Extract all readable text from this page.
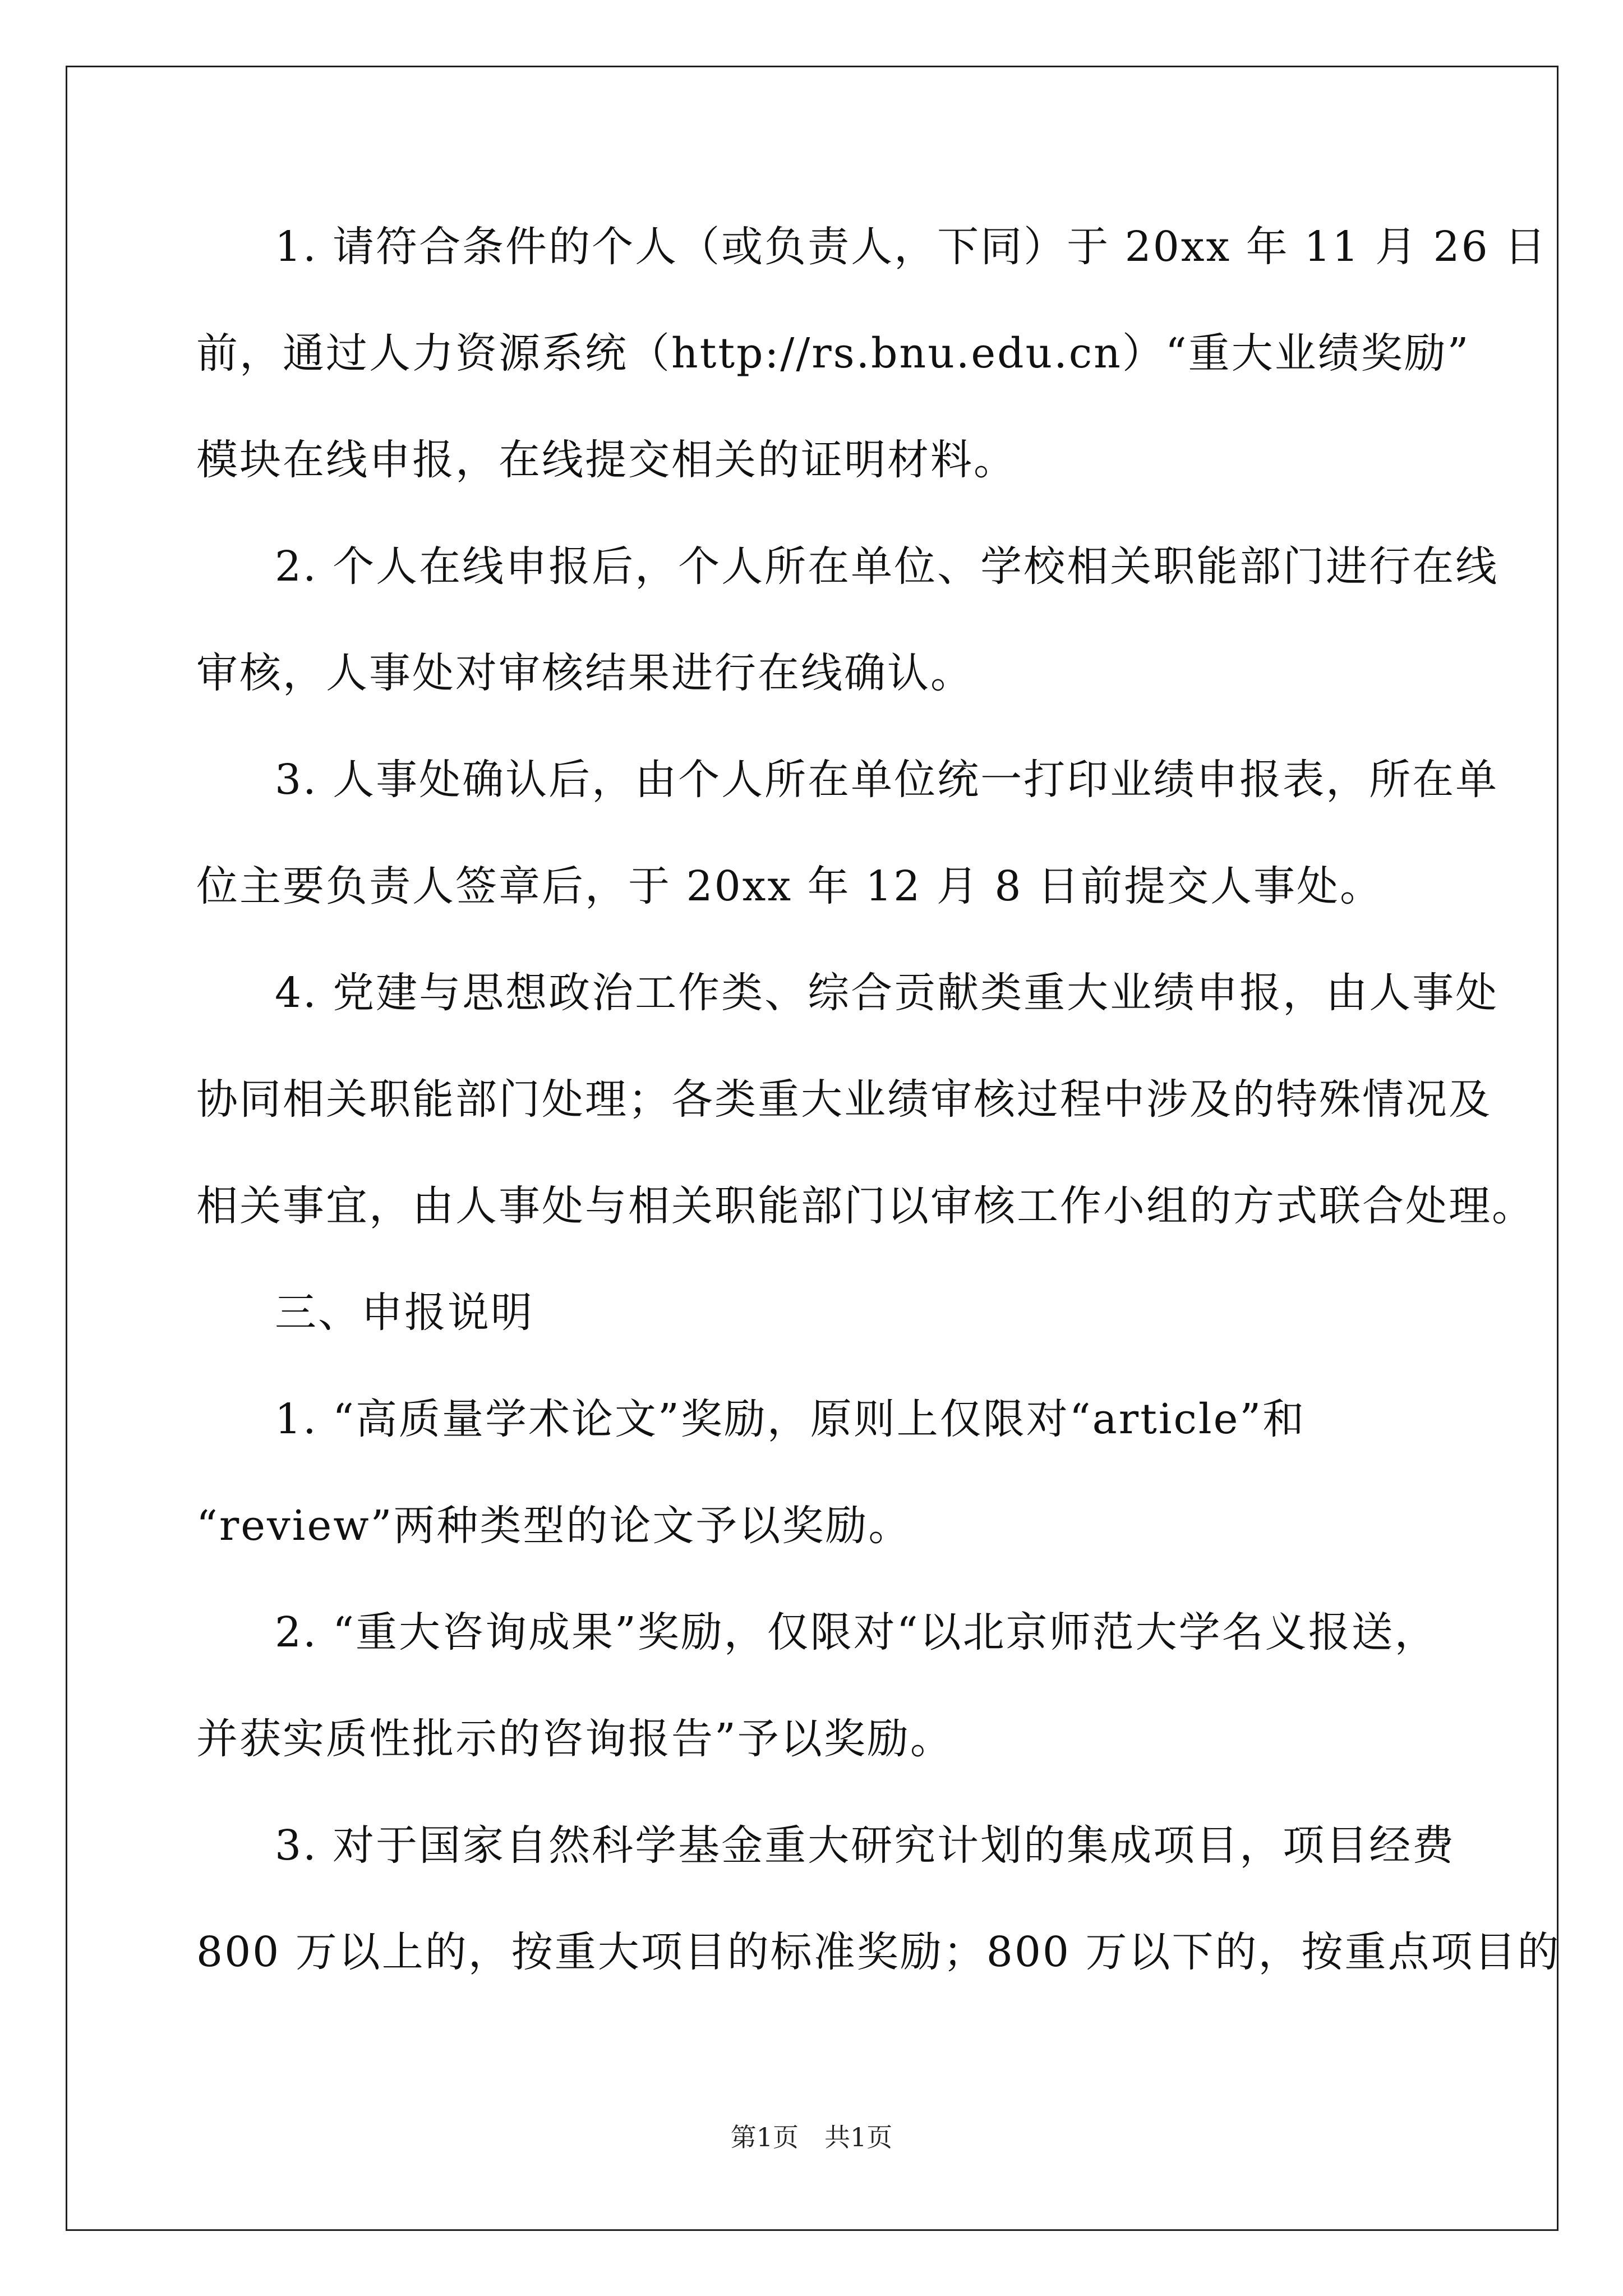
1. 请符合条件的个人（或负责人，下同）于 20xx 年 11 月 26 日
前，通过人力资源系统（http://rs.bnu.edu.cn）“重大业绩奖励”
模块在线申报，在线提交相关的证明材料。
2. 个人在线申报后，个人所在单位、学校相关职能部门进行在线
审核，人事处对审核结果进行在线确认。
3. 人事处确认后，由个人所在单位统一打印业绩申报表，所在单
位主要负责人签章后，于 20xx 年 12 月 8 日前提交人事处。
4. 党建与思想政治工作类、综合贡献类重大业绩申报，由人事处
协同相关职能部门处理；各类重大业绩审核过程中涉及的特殊情况及
相关事宜，由人事处与相关职能部门以审核工作小组的方式联合处理。
三、申报说明
1. “高质量学术论文”奖励，原则上仅限对“article”和
“review”两种类型的论文予以奖励。
2. “重大咨询成果”奖励，仅限对“以北京师范大学名义报送，
并获实质性批示的咨询报告”予以奖励。
3. 对于国家自然科学基金重大研究计划的集成项目，项目经费
800 万以上的，按重大项目的标准奖励；800 万以下的，按重点项目的
第1页　共1页
